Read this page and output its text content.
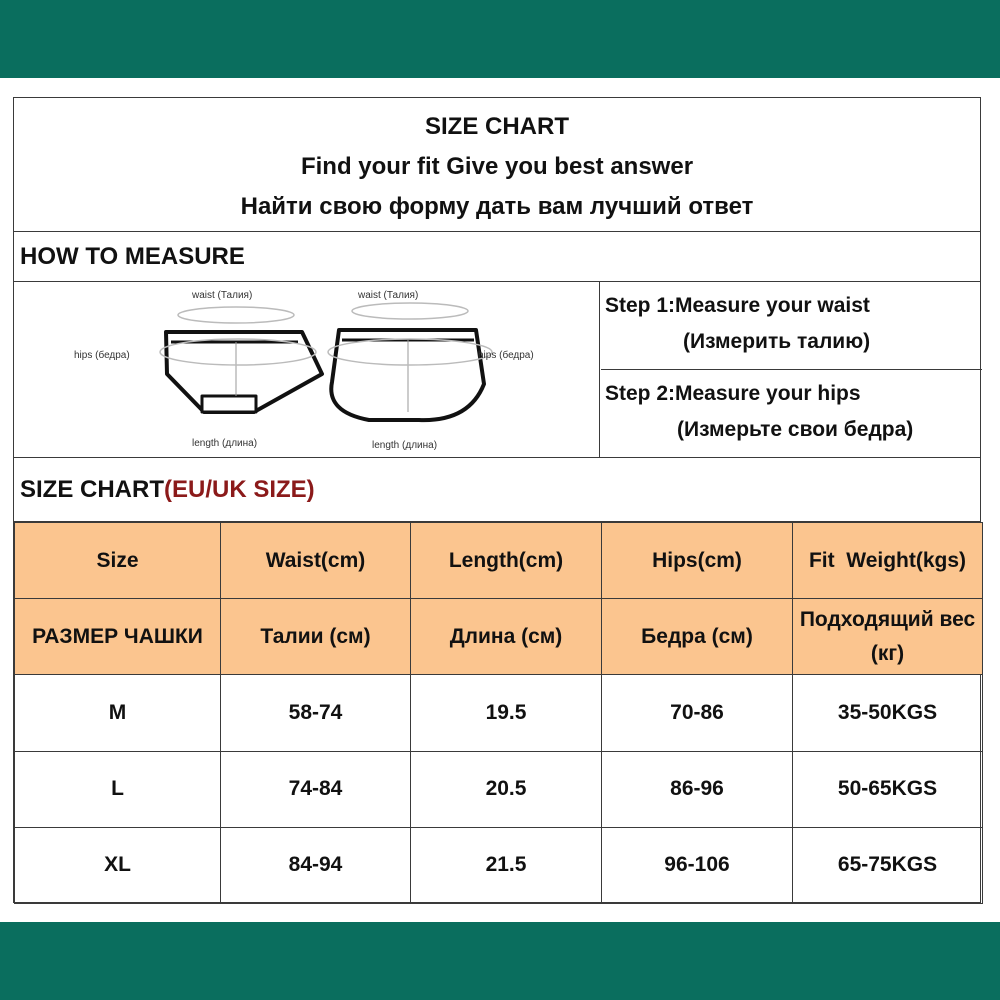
SIZE CHART
Find your fit Give you best answer
Найти свою форму дать вам лучший ответ
HOW TO MEASURE
waist (Талия)
hips (бедра)
length (длина)
waist (Талия)
hips (бедра)
length (длина)
Step 1:Measure your waist
(Измерить талию)
Step 2:Measure your hips
(Измерьте свои бедра)
SIZE CHART(EU/UK SIZE)
Size	Waist(cm)	Length(cm)	Hips(cm)	Fit  Weight(kgs)
РАЗМЕР ЧАШКИ	Талии (см)	Длина (см)	Бедра (см)	Подходящий вес (кг)
M	58-74	19.5	70-86	35-50KGS
L	74-84	20.5	86-96	50-65KGS
XL	84-94	21.5	96-106	65-75KGS
